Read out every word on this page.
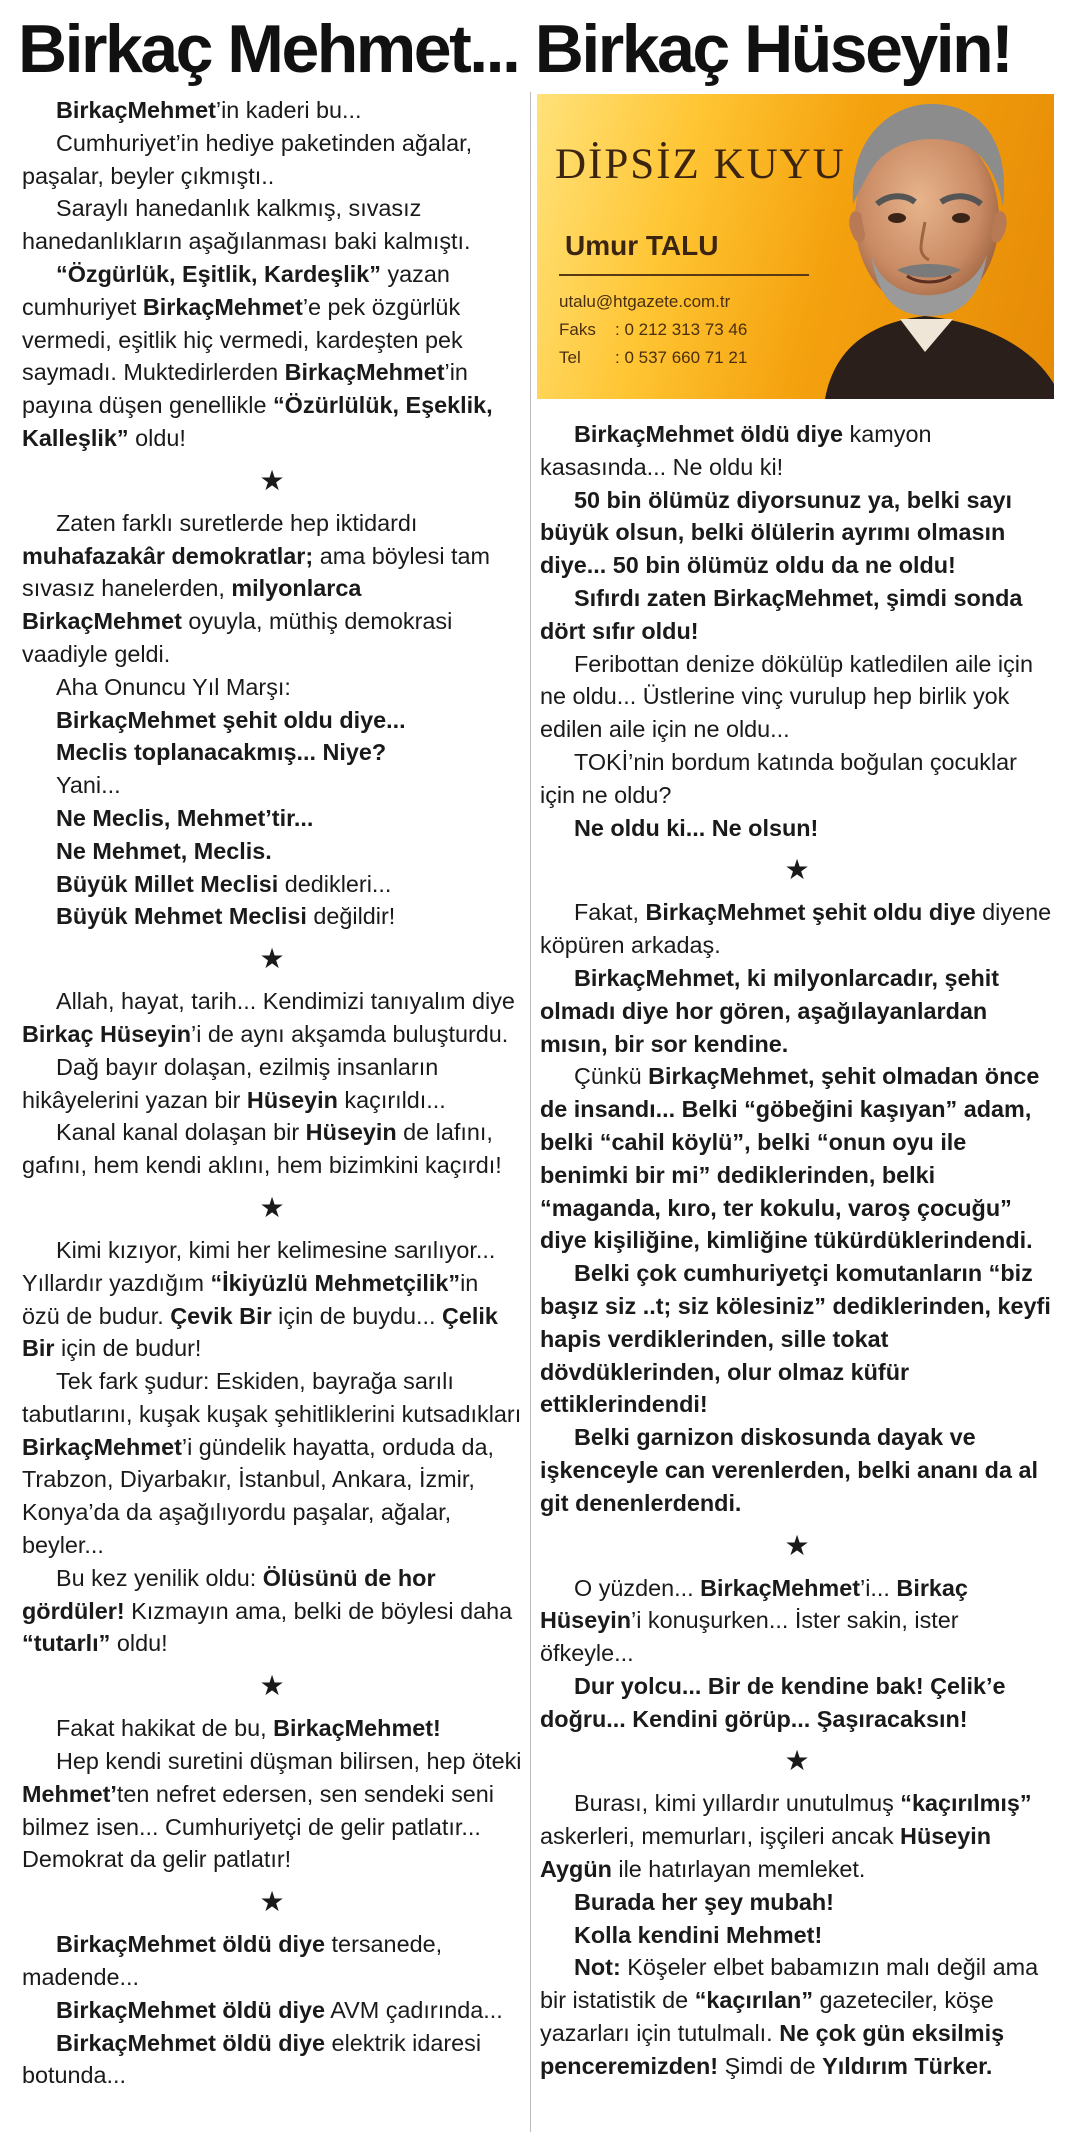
Birkaç Mehmet... Birkaç Hüseyin!
DİPSİZ KUYU
Umur TALU
utalu@htgazete.com.tr
Faks : 0 212 313 73 46
Tel : 0 537 660 71 21

BirkaçMehmet’in kaderi bu...

Cumhuriyet’in hediye paketinden ağalar, paşalar, beyler çıkmıştı..

Saraylı hanedanlık kalkmış, sıvasız hanedanlıkların aşağılanması baki kalmıştı.

“Özgürlük, Eşitlik, Kardeşlik” yazan cumhuriyet BirkaçMehmet’e pek özgürlük vermedi, eşitlik hiç vermedi, kardeşten pek saymadı. Muktedirlerden BirkaçMehmet’in payına düşen genellikle “Özürlülük, Eşeklik, Kalleşlik” oldu!

★

Zaten farklı suretlerde hep iktidardı muhafazakâr demokratlar; ama böylesi tam sıvasız hanelerden, milyonlarca BirkaçMehmet oyuyla, müthiş demokrasi vaadiyle geldi.

Aha Onuncu Yıl Marşı:

BirkaçMehmet şehit oldu diye...

Meclis toplanacakmış... Niye?

Yani...

Ne Meclis, Mehmet’tir...

Ne Mehmet, Meclis.

Büyük Millet Meclisi dedikleri...

Büyük Mehmet Meclisi değildir!

★

Allah, hayat, tarih... Kendimizi tanıyalım diye Birkaç Hüseyin’i de aynı akşamda buluşturdu.

Dağ bayır dolaşan, ezilmiş insanların hikâyelerini yazan bir Hüseyin kaçırıldı...

Kanal kanal dolaşan bir Hüseyin de lafını, gafını, hem kendi aklını, hem bizimkini kaçırdı!

★

Kimi kızıyor, kimi her kelimesine sarılıyor... Yıllardır yazdığım “İkiyüzlü Mehmetçilik”in özü de budur. Çevik Bir için de buydu... Çelik Bir için de budur!

Tek fark şudur: Eskiden, bayrağa sarılı tabutlarını, kuşak kuşak şehitliklerini kutsadıkları BirkaçMehmet’i gündelik hayatta, orduda da, Trabzon, Diyarbakır, İstanbul, Ankara, İzmir, Konya’da da aşağılıyordu paşalar, ağalar, beyler...

Bu kez yenilik oldu: Ölüsünü de hor gördüler! Kızmayın ama, belki de böylesi daha “tutarlı” oldu!

★

Fakat hakikat de bu, BirkaçMehmet!

Hep kendi suretini düşman bilirsen, hep öteki Mehmet’ten nefret edersen, sen sendeki seni bilmez isen... Cumhuriyetçi de gelir patlatır... Demokrat da gelir patlatır!

★

BirkaçMehmet öldü diye tersanede, madende...

BirkaçMehmet öldü diye AVM çadırında...

BirkaçMehmet öldü diye elektrik idaresi botunda...

BirkaçMehmet öldü diye kamyon kasasında... Ne oldu ki!

50 bin ölümüz diyorsunuz ya, belki sayı büyük olsun, belki ölülerin ayrımı olmasın diye... 50 bin ölümüz oldu da ne oldu!

Sıfırdı zaten BirkaçMehmet, şimdi sonda dört sıfır oldu!

Feribottan denize dökülüp katledilen aile için ne oldu... Üstlerine vinç vurulup hep birlik yok edilen aile için ne oldu...

TOKİ’nin bordum katında boğulan çocuklar için ne oldu?

Ne oldu ki... Ne olsun!

★

Fakat, BirkaçMehmet şehit oldu diye diyene köpüren arkadaş.

BirkaçMehmet, ki milyonlarcadır, şehit olmadı diye hor gören, aşağılayanlardan mısın, bir sor kendine.

Çünkü BirkaçMehmet, şehit olmadan önce de insandı... Belki “göbeğini kaşıyan” adam, belki “cahil köylü”, belki “onun oyu ile benimki bir mi” dediklerinden, belki “maganda, kıro, ter kokulu, varoş çocuğu” diye kişiliğine, kimliğine tükürdüklerindendi.

Belki çok cumhuriyetçi komutanların “biz başız siz ..t; siz kölesiniz” dediklerinden, keyfi hapis verdiklerinden, sille tokat dövdüklerinden, olur olmaz küfür ettiklerindendi!

Belki garnizon diskosunda dayak ve işkenceyle can verenlerden, belki ananı da al git denenlerdendi.

★

O yüzden... BirkaçMehmet’i... Birkaç Hüseyin’i konuşurken... İster sakin, ister öfkeyle...

Dur yolcu... Bir de kendine bak! Çelik’e doğru... Kendini görüp... Şaşıracaksın!

★

Burası, kimi yıllardır unutulmuş “kaçırılmış” askerleri, memurları, işçileri ancak Hüseyin Aygün ile hatırlayan memleket.

Burada her şey mubah!

Kolla kendini Mehmet!

Not: Köşeler elbet babamızın malı değil ama bir istatistik de “kaçırılan” gazeteciler, köşe yazarları için tutulmalı. Ne çok gün eksilmiş penceremizden! Şimdi de Yıldırım Türker.
